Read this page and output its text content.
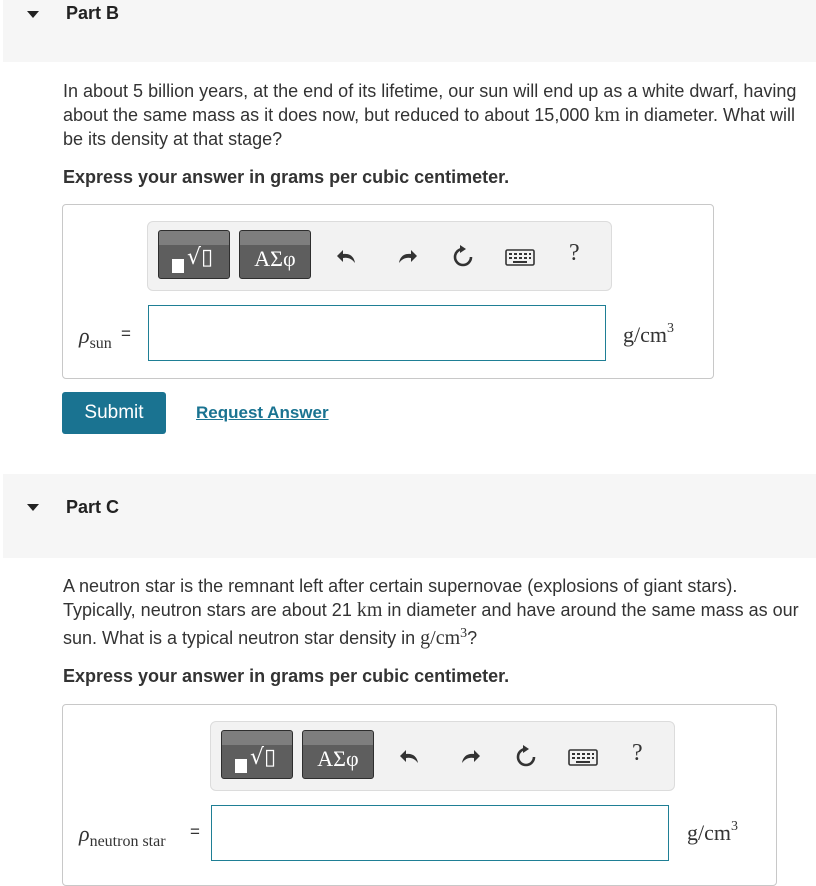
Part B
In about 5 billion years, at the end of its lifetime, our sun will end up as a white dwarf, having about the same mass as it does now, but reduced to about 15,000 km in diameter. What will be its density at that stage?
Express your answer in grams per cubic centimeter.
√▯	ΑΣφ	?
$\rho_{sun}$
=	$g/cm^3$
Submit	Request Answer
Part C
A neutron star is the remnant left after certain supernovae (explosions of giant stars). Typically, neutron stars are about 21 km in diameter and have around the same mass as our sun. What is a typical neutron star density in $g/cm^3$?
Express your answer in grams per cubic centimeter.
√▯	ΑΣφ	?
$\rho_{neutron star}$
=	$g/cm^3$
